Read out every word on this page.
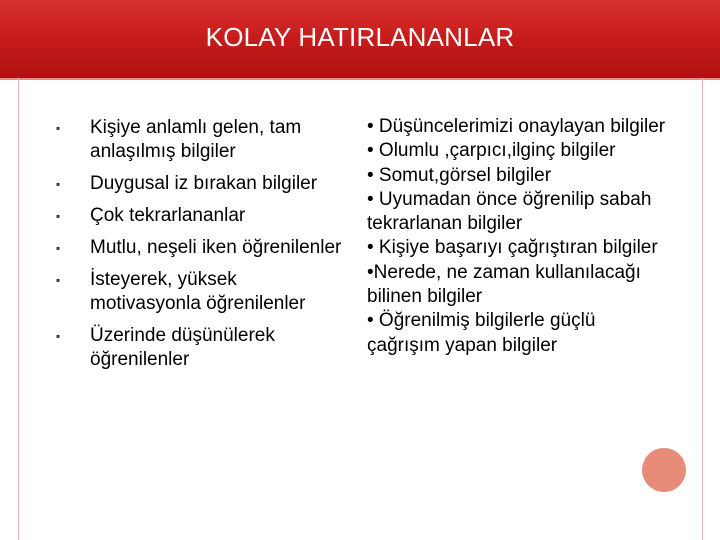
KOLAY HATIRLANANLAR
▪ Kişiye anlamlı gelen, tam anlaşılmış bilgiler
▪ Duygusal iz bırakan bilgiler
▪ Çok tekrarlananlar
▪ Mutlu, neşeli iken öğrenilenler
▪ İsteyerek, yüksek motivasyonla öğrenilenler
▪ Üzerinde düşünülerek öğrenilenler

• Düşüncelerimizi onaylayan bilgiler

• Olumlu ,çarpıcı,ilginç bilgiler

• Somut,görsel bilgiler

• Uyumadan önce öğrenilip sabah tekrarlanan bilgiler

• Kişiye başarıyı çağrıştıran bilgiler

•Nerede, ne zaman kullanılacağı   bilinen bilgiler

• Öğrenilmiş bilgilerle güçlü çağrışım yapan bilgiler
